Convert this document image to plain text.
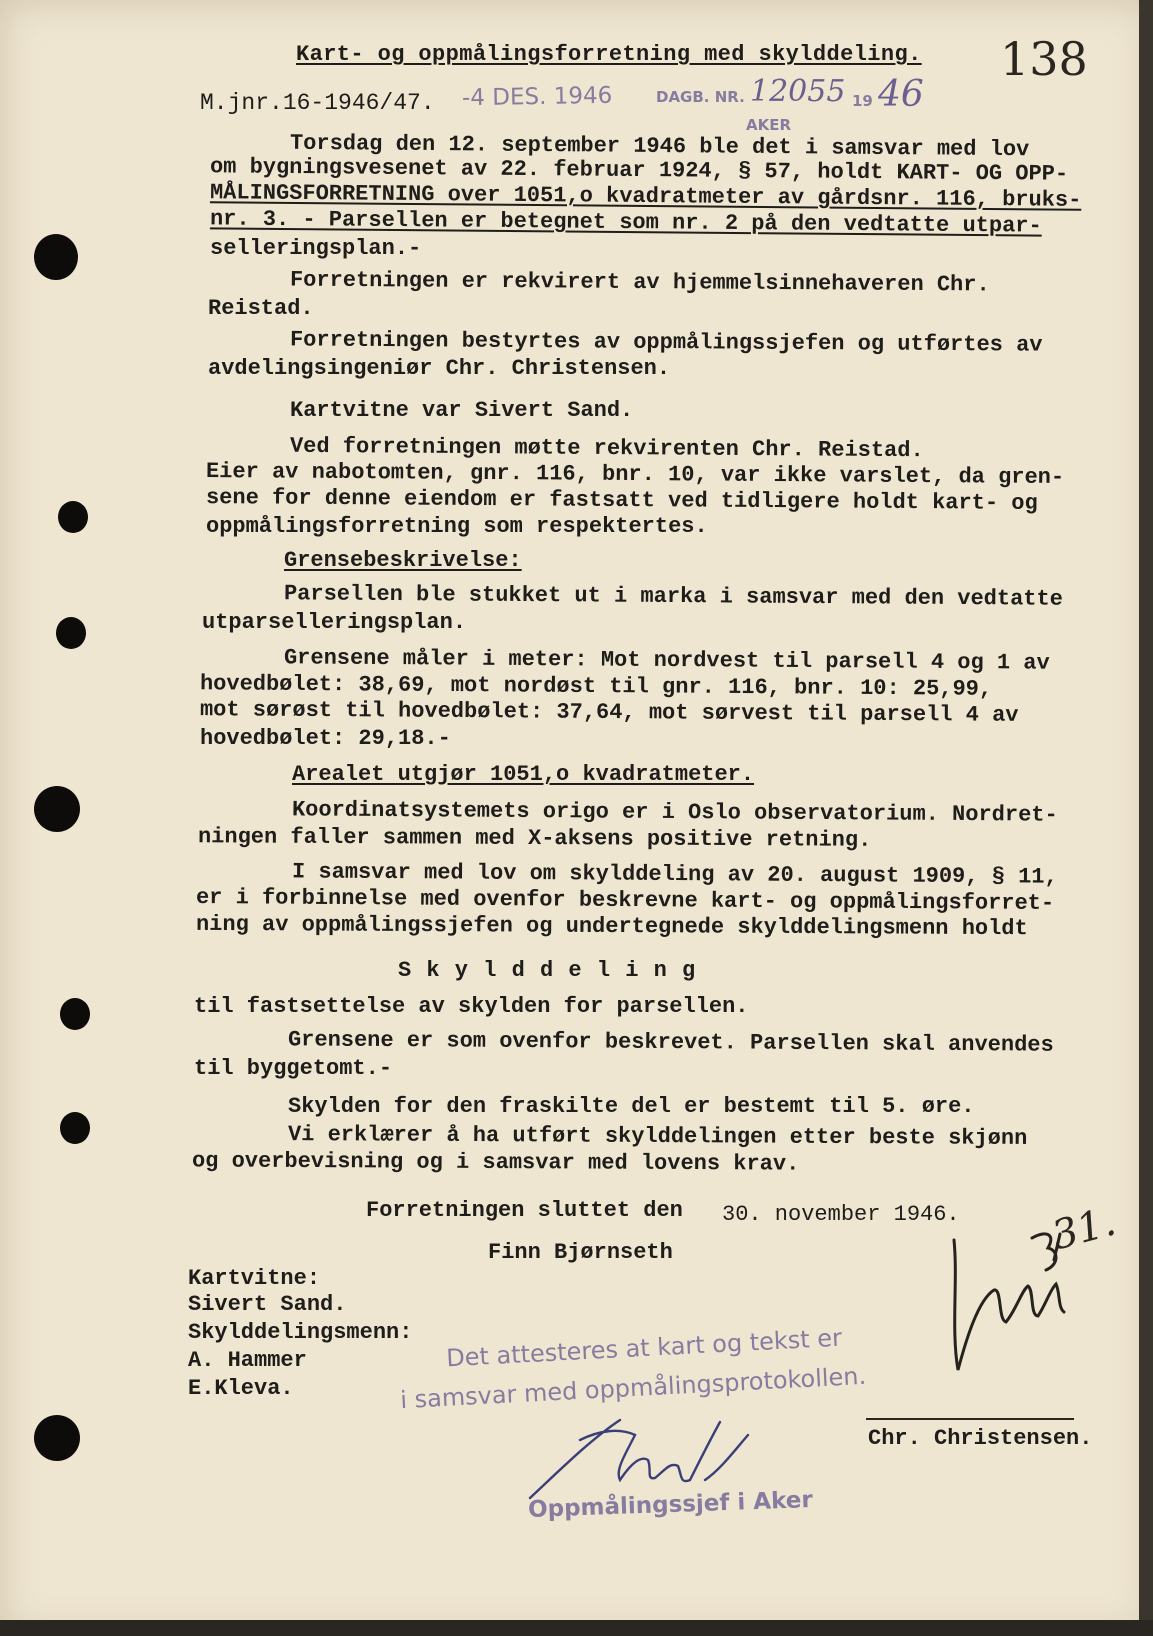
Kart- og oppmålingsforretning med skylddeling. 138

M.jnr.16-1946/47. -4 DES. 1946	DAGB. NR. 12055 19 46

AKER

Torsdag den 12. september 1946 ble det i samsvar med lov

om bygningsvesenet av 22. februar 1924, § 57, holdt KART- OG OPP-

MÅLINGSFORRETNING over 1051,o kvadratmeter av gårdsnr. 116, bruks-

nr. 3. - Parsellen er betegnet som nr. 2 på den vedtatte utpar-

selleringsplan.-

Forretningen er rekvirert av hjemmelsinnehaveren Chr.

Reistad.

Forretningen bestyrtes av oppmålingssjefen og utførtes av

avdelingsingeniør Chr. Christensen.

Kartvitne var Sivert Sand.

Ved forretningen møtte rekvirenten Chr. Reistad.

Eier av nabotomten, gnr. 116, bnr. 10, var ikke varslet, da gren-

sene for denne eiendom er fastsatt ved tidligere holdt kart- og

oppmålingsforretning som respektertes.

Grensebeskrivelse:

Parsellen ble stukket ut i marka i samsvar med den vedtatte

utparselleringsplan.

Grensene måler i meter: Mot nordvest til parsell 4 og 1 av

hovedbølet: 38,69, mot nordøst til gnr. 116, bnr. 10: 25,99,

mot sørøst til hovedbølet: 37,64, mot sørvest til parsell 4 av

hovedbølet: 29,18.-

Arealet utgjør 1051,o kvadratmeter.

Koordinatsystemets origo er i Oslo observatorium. Nordret-

ningen faller sammen med X-aksens positive retning.

I samsvar med lov om skylddeling av 20. august 1909, § 11,

er i forbinnelse med ovenfor beskrevne kart- og oppmålingsforret-

ning av oppmålingssjefen og undertegnede skylddelingsmenn holdt

S k y l d d e l i n g

til fastsettelse av skylden for parsellen.

Grensene er som ovenfor beskrevet. Parsellen skal anvendes

til byggetomt.-

Skylden for den fraskilte del er bestemt til 5. øre.

Vi erklærer å ha utført skylddelingen etter beste skjønn

og overbevisning og i samsvar med lovens krav.

Forretningen sluttet den 30. november 1946.

Finn Bjørnseth

Kartvitne:

Sivert Sand.

Skylddelingsmenn:

A. Hammer

E.Kleva.

Det attesteres at kart og tekst er

i samsvar med oppmålingsprotokollen.

Chr. Christensen.

Oppmålingssjef i Aker

31.
